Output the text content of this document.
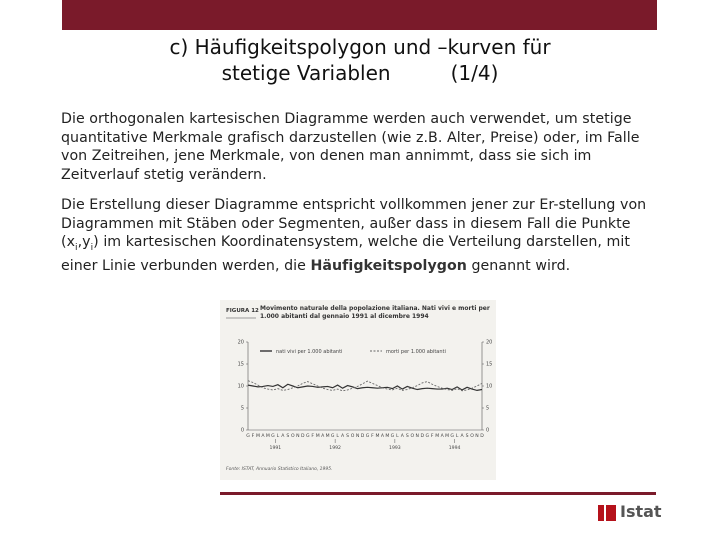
c) Häufigkeitspolygon und –kurven für
stetige Variablen	(1/4)
Die orthogonalen kartesischen Diagramme werden auch verwendet, um stetige quantitative Merkmale grafisch darzustellen (wie z.B. Alter, Preise) oder, im Falle von Zeitreihen, jene Merkmale, von denen man annimmt, dass sie sich im Zeitverlauf stetig verändern.
Die Erstellung dieser Diagramme entspricht vollkommen jener zur Er-stellung von Diagrammen mit Stäben oder Segmenten, außer dass in diesem Fall die Punkte $(x_i,y_i)$ im kartesischen Koordinatensystem, welche die Verteilung darstellen, mit einer Linie verbunden werden, die Häufigkeitspolygon genannt wird.
FIGURA 12 Movimento naturale della popolazione italiana. Nati vivi e morti per 1.000 abitanti dal gennaio 1991 al dicembre 1994
nati vivi per 1.000 abitanti	morti per 1.000 abitanti
20	20
15	15
10	10
5	5
0	0
G F M A M G L A S O N D G F M A M G L A S O N D G F M A M G L A S O N D G F M A M G L A S O N D
1991	1992	1993	1994
Fonte: ISTAT, Annuario Statistico Italiano, 1995.
Istat
